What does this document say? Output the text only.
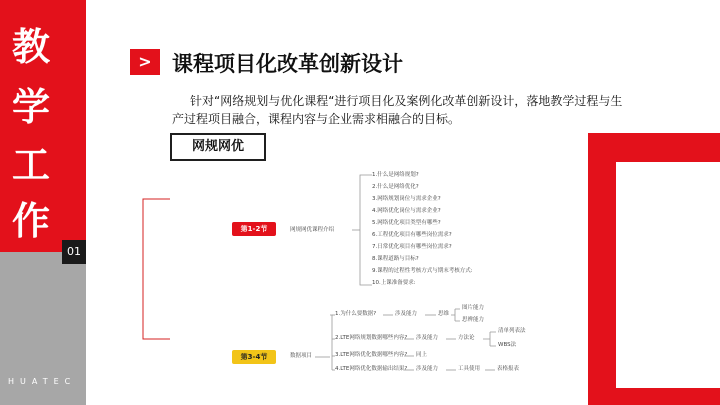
教
学
工
作
01
HUATEC
> 课程项目化改革创新设计
针对“网络规划与优化课程“进行项目化及案例化改革创新设计，落地教学过程与生
产过程项目融合，课程内容与企业需求相融合的目标。
第1-2节	网规网优课程介绍
1.什么是网络规划?
2.什么是网络优化?
3.网络规划岗位与需求企业?
4.网络优化岗位与需求企业?
5.网络优化项目类型有哪些?
6.工程优化项目有哪些岗位需求?
7.日常优化项目有哪些岗位需求?
8.课程道路与目标?
9.课程的过程性考核方式与期末考核方式:
10.上课准备要求:
第3-4节	数据项目
1.为什么要数据?	涉及能力	思维
图片能力
思辨能力
2.LTE网络规划数据哪些内容? 涉及能力	方法论
清单列表法
WBS法
3.LTE网络优化数据哪些内容? 同上
4.LTE网络优化数据输出结果? 涉及能力	工具使用	表格报表
网规网优
